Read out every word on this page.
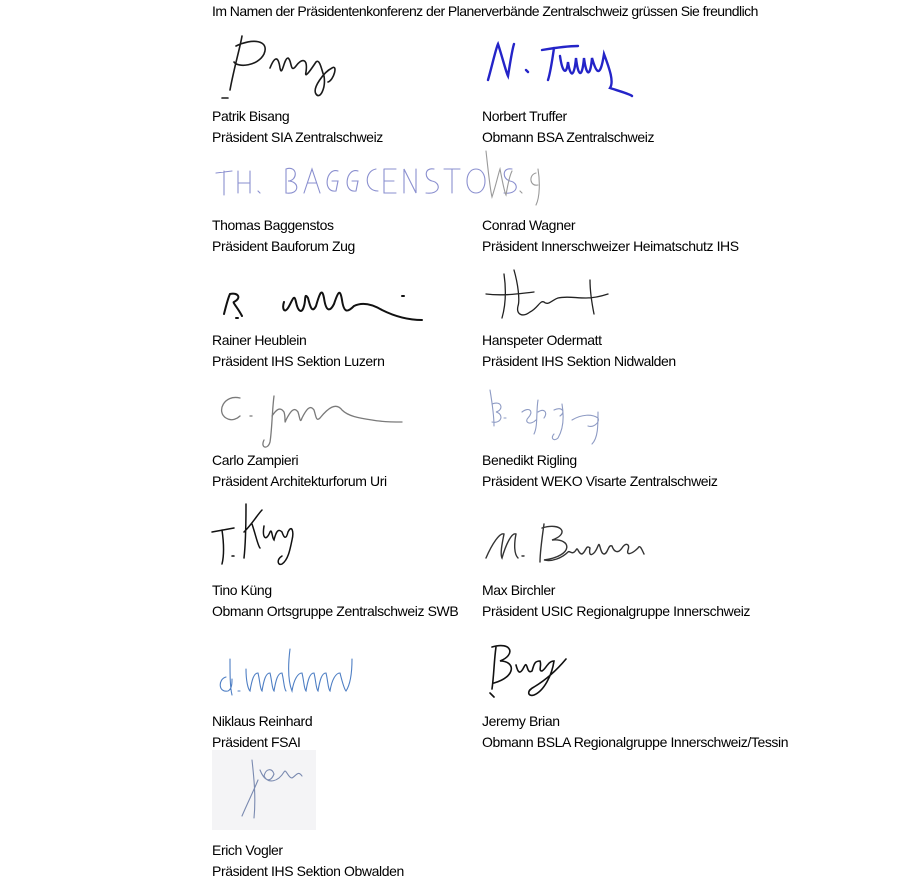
Im Namen der Präsidentenkonferenz der Planerverbände Zentralschweiz grüssen Sie freundlich
Patrik Bisang
Präsident SIA Zentralschweiz
Norbert Truffer
Obmann BSA Zentralschweiz
Thomas Baggenstos
Präsident Bauforum Zug
Conrad Wagner
Präsident Innerschweizer Heimatschutz IHS
Rainer Heublein
Präsident IHS Sektion Luzern
Hanspeter Odermatt
Präsident IHS Sektion Nidwalden
Carlo Zampieri
Präsident Architekturforum Uri
Benedikt Rigling
Präsident WEKO Visarte Zentralschweiz
Tino Küng
Obmann Ortsgruppe Zentralschweiz SWB
Max Birchler
Präsident USIC Regionalgruppe Innerschweiz
Niklaus Reinhard
Präsident FSAI
Jeremy Brian
Obmann BSLA Regionalgruppe Innerschweiz/Tessin
Erich Vogler
Präsident IHS Sektion Obwalden
